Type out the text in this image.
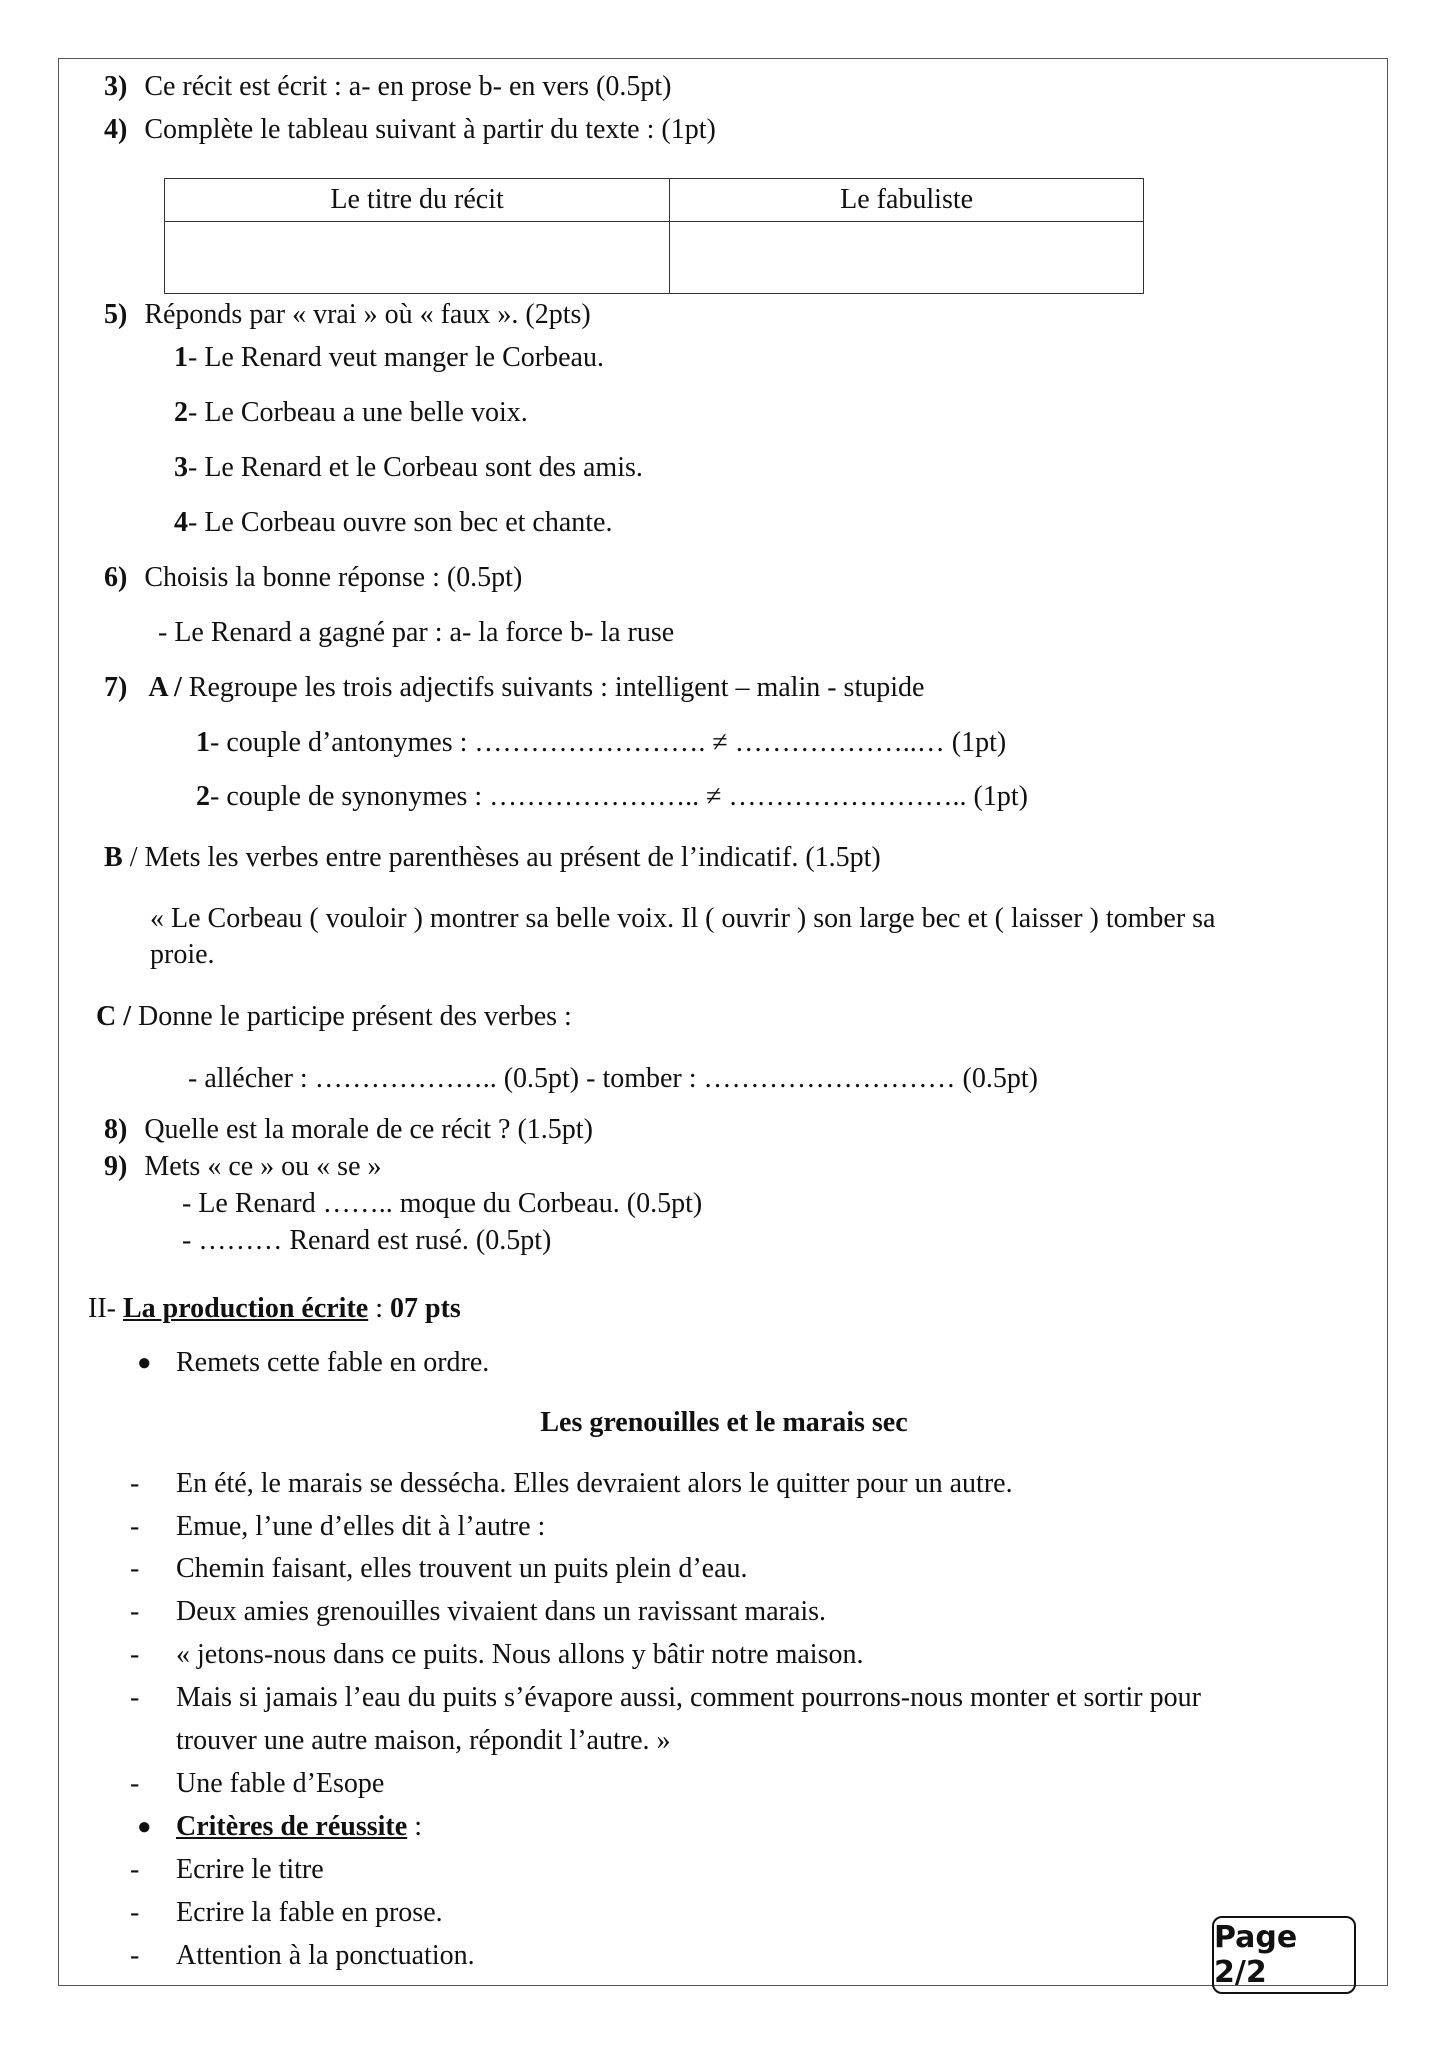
3) Ce récit est écrit : a- en prose b- en vers (0.5pt)
4) Complète le tableau suivant à partir du texte : (1pt)
Le titre du récit	Le fabuliste

5) Réponds par « vrai » où « faux ». (2pts)
1- Le Renard veut manger le Corbeau.
2- Le Corbeau a une belle voix.
3- Le Renard et le Corbeau sont des amis.
4- Le Corbeau ouvre son bec et chante.
6) Choisis la bonne réponse : (0.5pt)
- Le Renard a gagné par : a- la force b- la ruse
7) A / Regroupe les trois adjectifs suivants : intelligent – malin - stupide
1- couple d’antonymes : ……………………. ≠ ………………..… (1pt)
2- couple de synonymes : ………………….. ≠ …………………….. (1pt)
B / Mets les verbes entre parenthèses au présent de l’indicatif. (1.5pt)
« Le Corbeau ( vouloir ) montrer sa belle voix. Il ( ouvrir ) son large bec et ( laisser ) tomber sa
proie.
C / Donne le participe présent des verbes :
- allécher : ……………….. (0.5pt) - tomber : ……………………… (0.5pt)
8) Quelle est la morale de ce récit ? (1.5pt)
9) Mets « ce » ou « se »
- Le Renard …….. moque du Corbeau. (0.5pt)
- ……… Renard est rusé. (0.5pt)
II- La production écrite : 07 pts
● Remets cette fable en ordre.
Les grenouilles et le marais sec
- En été, le marais se dessécha. Elles devraient alors le quitter pour un autre.
- Emue, l’une d’elles dit à l’autre :
- Chemin faisant, elles trouvent un puits plein d’eau.
- Deux amies grenouilles vivaient dans un ravissant marais.
- « jetons-nous dans ce puits. Nous allons y bâtir notre maison.
- Mais si jamais l’eau du puits s’évapore aussi, comment pourrons-nous monter et sortir pour
trouver une autre maison, répondit l’autre. »
- Une fable d’Esope
● Critères de réussite :
- Ecrire le titre
- Ecrire la fable en prose.
- Attention à la ponctuation.
Page 2/2
